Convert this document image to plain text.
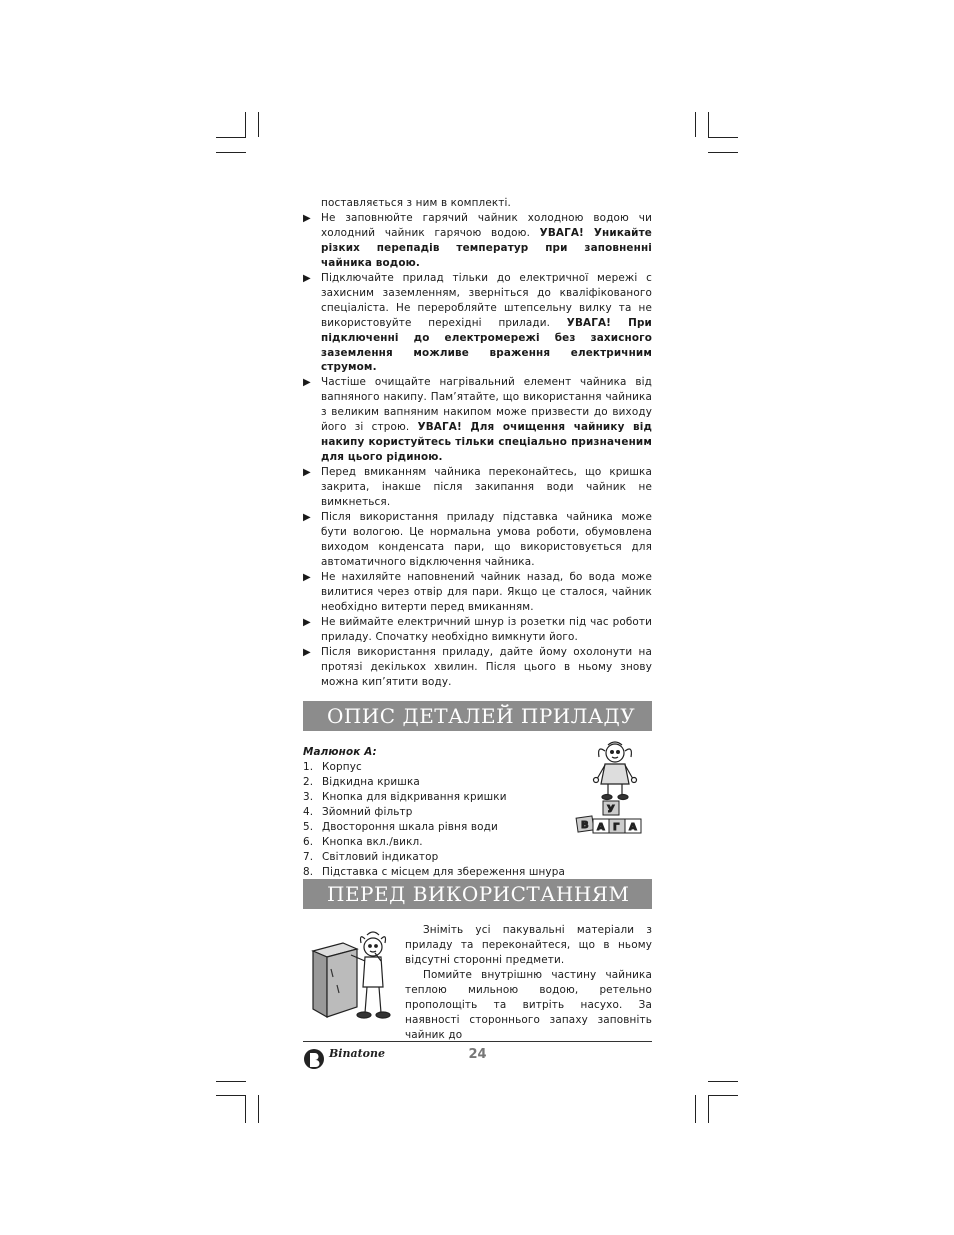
поставляється з ним в комплекті.

▶ Не заповнюйте гарячий чайник холодною водою чи холодний чайник гарячою водою. УВАГА! Уникайте різких перепадів температур при заповненні чайника водою.
▶ Підключайте прилад тільки до електричної мережі с захисним заземленням, зверніться до кваліфікованого спеціаліста. Не переробляйте штепсельну вилку та не використовуйте перехідні прилади. УВАГА! При підключенні до електромережі без захисного заземлення можливе враження електричним струмом.
▶ Частіше очищайте нагрівальний елемент чайника від вапняного накипу. Пам’ятайте, що використання чайника з великим вапняним накипом може призвести до виходу його зі строю. УВАГА! Для очищення чайнику від накипу користуйтесь тільки спеціально призначеним для цього рідиною.
▶ Перед вмиканням чайника переконайтесь, що кришка закрита, інакше після закипання води чайник не вимкнеться.
▶ Після використання приладу підставка чайника може бути вологою. Це нормальна умова роботи, обумовлена виходом конденсата пари, що використовується для автоматичного відключення чайника.
▶ Не нахиляйте наповнений чайник назад, бо вода може вилитися через отвір для пари. Якщо це сталося, чайник необхідно витерти перед вмиканням.
▶ Не виймайте електричний шнур із розетки під час роботи приладу. Спочатку необхідно вимкнути його.
▶ Після використання приладу, дайте йому охолонути на протязі декількох хвилин. Після цього в ньому знову можна кип’ятити воду.
ОПИС ДЕТАЛЕЙ ПРИЛАДУ
Малюнок А:
1. Корпус
2. Відкидна кришка
3. Кнопка для відкривання кришки
4. Зйомний фільтр
5. Двостороння шкала рівня води
6. Кнопка вкл./викл.
7. Світловий індикатор
8. Підставка с місцем для збереження шнура
У
В А Г А
ПЕРЕД ВИКОРИСТАННЯМ

Зніміть усі пакувальні матеріали з приладу та переконайтеся, що в ньому відсутні сторонні предмети.

Помийте внутрішню частину чайника теплою мильною водою, ретельно прополощіть та витріть насухо. За наявності стороннього запаху заповніть чайник до

Binatone	24
